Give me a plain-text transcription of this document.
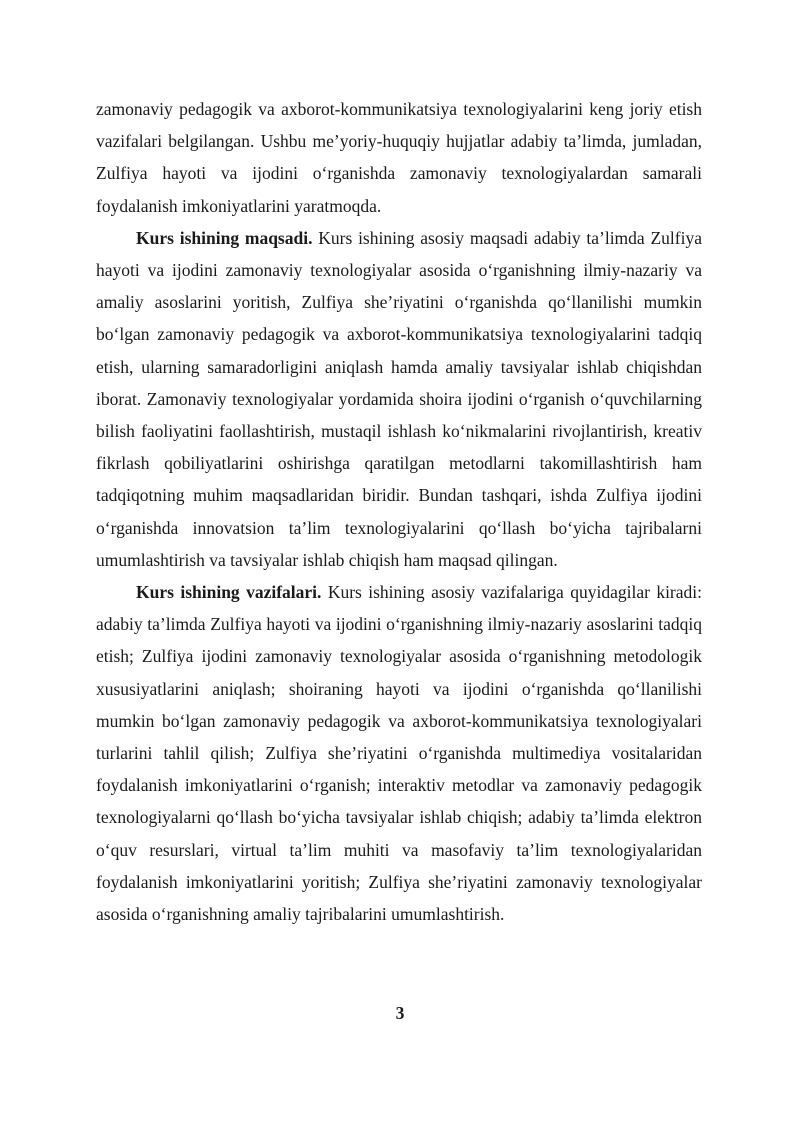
zamonaviy pedagogik va axborot-kommunikatsiya texnologiyalarini keng joriy etish vazifalari belgilangan. Ushbu me’yoriy-huquqiy hujjatlar adabiy ta’limda, jumladan, Zulfiya hayoti va ijodini o‘rganishda zamonaviy texnologiyalardan samarali foydalanish imkoniyatlarini yaratmoqda.

Kurs ishining maqsadi. Kurs ishining asosiy maqsadi adabiy ta’limda Zulfiya hayoti va ijodini zamonaviy texnologiyalar asosida o‘rganishning ilmiy-nazariy va amaliy asoslarini yoritish, Zulfiya she’riyatini o‘rganishda qo‘llanilishi mumkin bo‘lgan zamonaviy pedagogik va axborot-kommunikatsiya texnologiyalarini tadqiq etish, ularning samaradorligini aniqlash hamda amaliy tavsiyalar ishlab chiqishdan iborat. Zamonaviy texnologiyalar yordamida shoira ijodini o‘rganish o‘quvchilarning bilish faoliyatini faollashtirish, mustaqil ishlash ko‘nikmalarini rivojlantirish, kreativ fikrlash qobiliyatlarini oshirishga qaratilgan metodlarni takomillashtirish ham tadqiqotning muhim maqsadlaridan biridir. Bundan tashqari, ishda Zulfiya ijodini o‘rganishda innovatsion ta’lim texnologiyalarini qo‘llash bo‘yicha tajribalarni umumlashtirish va tavsiyalar ishlab chiqish ham maqsad qilingan.

Kurs ishining vazifalari. Kurs ishining asosiy vazifalariga quyidagilar kiradi: adabiy ta’limda Zulfiya hayoti va ijodini o‘rganishning ilmiy-nazariy asoslarini tadqiq etish; Zulfiya ijodini zamonaviy texnologiyalar asosida o‘rganishning metodologik xususiyatlarini aniqlash; shoiraning hayoti va ijodini o‘rganishda qo‘llanilishi mumkin bo‘lgan zamonaviy pedagogik va axborot-kommunikatsiya texnologiyalari turlarini tahlil qilish; Zulfiya she’riyatini o‘rganishda multimediya vositalaridan foydalanish imkoniyatlarini o‘rganish; interaktiv metodlar va zamonaviy pedagogik texnologiyalarni qo‘llash bo‘yicha tavsiyalar ishlab chiqish; adabiy ta’limda elektron o‘quv resurslari, virtual ta’lim muhiti va masofaviy ta’lim texnologiyalaridan foydalanish imkoniyatlarini yoritish; Zulfiya she’riyatini zamonaviy texnologiyalar asosida o‘rganishning amaliy tajribalarini umumlashtirish.

3
